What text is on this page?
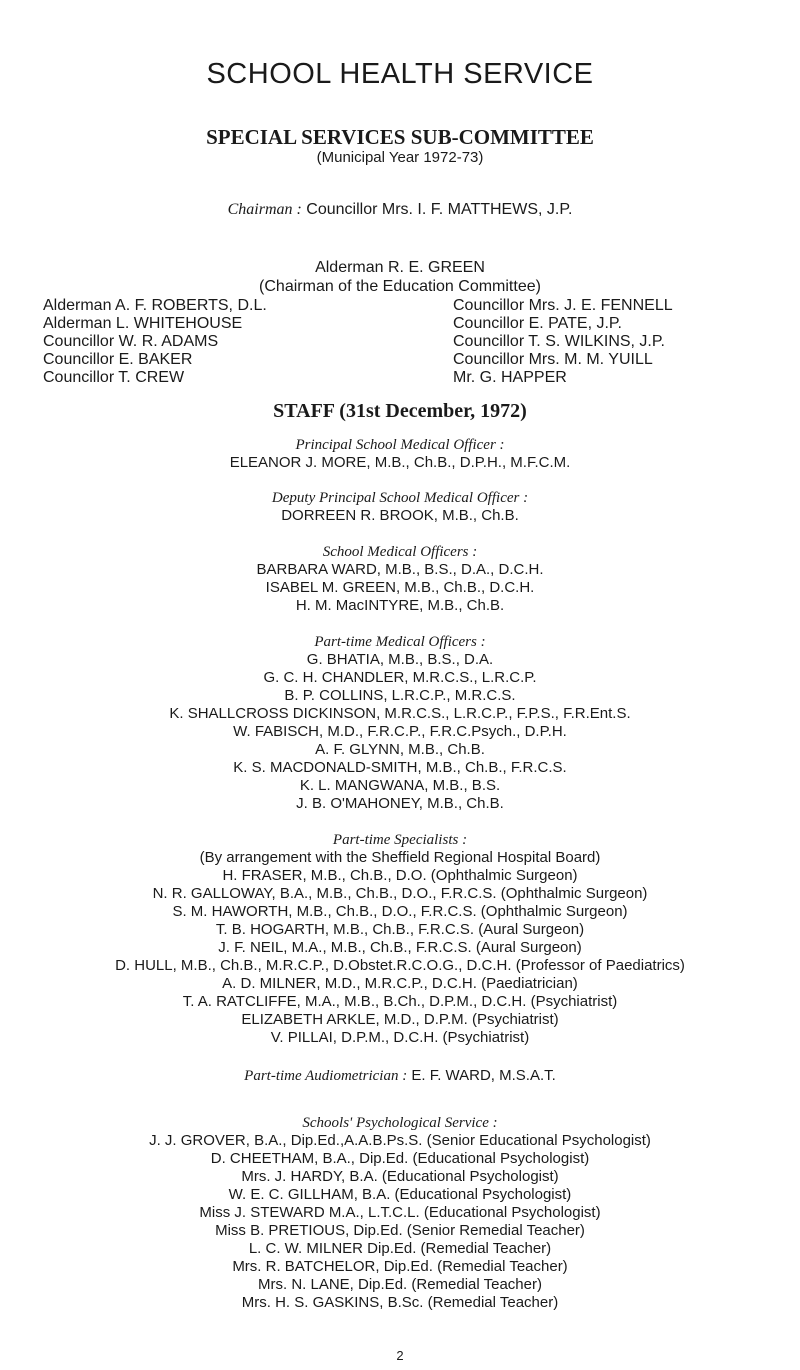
SCHOOL HEALTH SERVICE
SPECIAL SERVICES SUB-COMMITTEE
(Municipal Year 1972-73)
Chairman : Councillor Mrs. I. F. MATTHEWS, J.P.
Alderman R. E. GREEN
(Chairman of the Education Committee)
Alderman A. F. ROBERTS, D.L.
Alderman L. WHITEHOUSE
Councillor W. R. ADAMS
Councillor E. BAKER
Councillor T. CREW
Councillor Mrs. J. E. FENNELL
Councillor E. PATE, J.P.
Councillor T. S. WILKINS, J.P.
Councillor Mrs. M. M. YUILL
Mr. G. HAPPER
STAFF (31st December, 1972)
Principal School Medical Officer :
ELEANOR J. MORE, M.B., Ch.B., D.P.H., M.F.C.M.
Deputy Principal School Medical Officer :
DORREEN R. BROOK, M.B., Ch.B.
School Medical Officers :
BARBARA WARD, M.B., B.S., D.A., D.C.H.
ISABEL M. GREEN, M.B., Ch.B., D.C.H.
H. M. MacINTYRE, M.B., Ch.B.
Part-time Medical Officers :
G. BHATIA, M.B., B.S., D.A.
G. C. H. CHANDLER, M.R.C.S., L.R.C.P.
B. P. COLLINS, L.R.C.P., M.R.C.S.
K. SHALLCROSS DICKINSON, M.R.C.S., L.R.C.P., F.P.S., F.R.Ent.S.
W. FABISCH, M.D., F.R.C.P., F.R.C.Psych., D.P.H.
A. F. GLYNN, M.B., Ch.B.
K. S. MACDONALD-SMITH, M.B., Ch.B., F.R.C.S.
K. L. MANGWANA, M.B., B.S.
J. B. O'MAHONEY, M.B., Ch.B.
Part-time Specialists :
(By arrangement with the Sheffield Regional Hospital Board)
H. FRASER, M.B., Ch.B., D.O. (Ophthalmic Surgeon)
N. R. GALLOWAY, B.A., M.B., Ch.B., D.O., F.R.C.S. (Ophthalmic Surgeon)
S. M. HAWORTH, M.B., Ch.B., D.O., F.R.C.S. (Ophthalmic Surgeon)
T. B. HOGARTH, M.B., Ch.B., F.R.C.S. (Aural Surgeon)
J. F. NEIL, M.A., M.B., Ch.B., F.R.C.S. (Aural Surgeon)
D. HULL, M.B., Ch.B., M.R.C.P., D.Obstet.R.C.O.G., D.C.H. (Professor of Paediatrics)
A. D. MILNER, M.D., M.R.C.P., D.C.H. (Paediatrician)
T. A. RATCLIFFE, M.A., M.B., B.Ch., D.P.M., D.C.H. (Psychiatrist)
ELIZABETH ARKLE, M.D., D.P.M. (Psychiatrist)
V. PILLAI, D.P.M., D.C.H. (Psychiatrist)
Part-time Audiometrician : E. F. WARD, M.S.A.T.
Schools' Psychological Service :
J. J. GROVER, B.A., Dip.Ed.,A.A.B.Ps.S. (Senior Educational Psychologist)
D. CHEETHAM, B.A., Dip.Ed. (Educational Psychologist)
Mrs. J. HARDY, B.A. (Educational Psychologist)
W. E. C. GILLHAM, B.A. (Educational Psychologist)
Miss J. STEWARD M.A., L.T.C.L. (Educational Psychologist)
Miss B. PRETIOUS, Dip.Ed. (Senior Remedial Teacher)
L. C. W. MILNER Dip.Ed. (Remedial Teacher)
Mrs. R. BATCHELOR, Dip.Ed. (Remedial Teacher)
Mrs. N. LANE, Dip.Ed. (Remedial Teacher)
Mrs. H. S. GASKINS, B.Sc. (Remedial Teacher)
2
